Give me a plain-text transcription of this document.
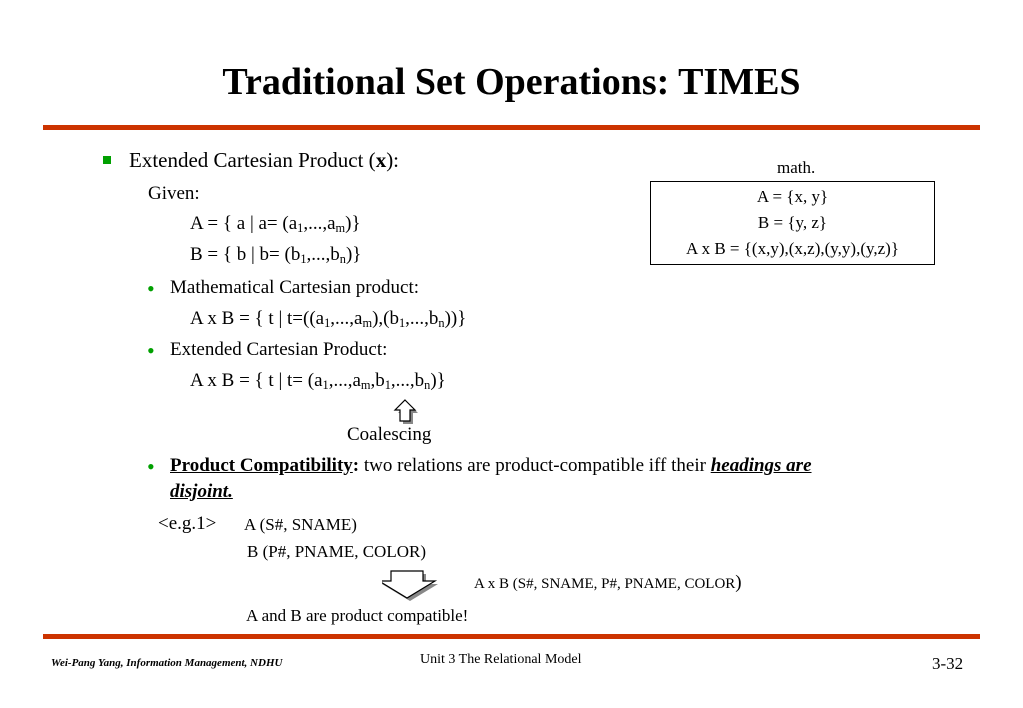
Traditional Set Operations: TIMES
Extended Cartesian Product (x):
Given:
A = { a | $a= (a_1,...,a_m)$}
B = { b | $b= (b_1,...,b_n)$}
• Mathematical Cartesian product:
A x B = { t | $t=((a_1,...,a_m),(b_1,...,b_n))$}
• Extended Cartesian Product:
A x B = { t | $t= (a_1,...,a_m,b_1,...,b_n)$}
Coalescing
• Product Compatibility: two relations are product-compatible iff their headings are
disjoint.
<e.g.1> A (S#, SNAME)
B (P#, PNAME, COLOR)
A x B (S#, SNAME, P#, PNAME, COLOR)
A and B are product compatible!
math.
A = {x, y}
B = {y, z}
A x B = {(x,y),(x,z),(y,y),(y,z)}
Wei-Pang Yang, Information Management, NDHU	Unit 3 The Relational Model	3-32
